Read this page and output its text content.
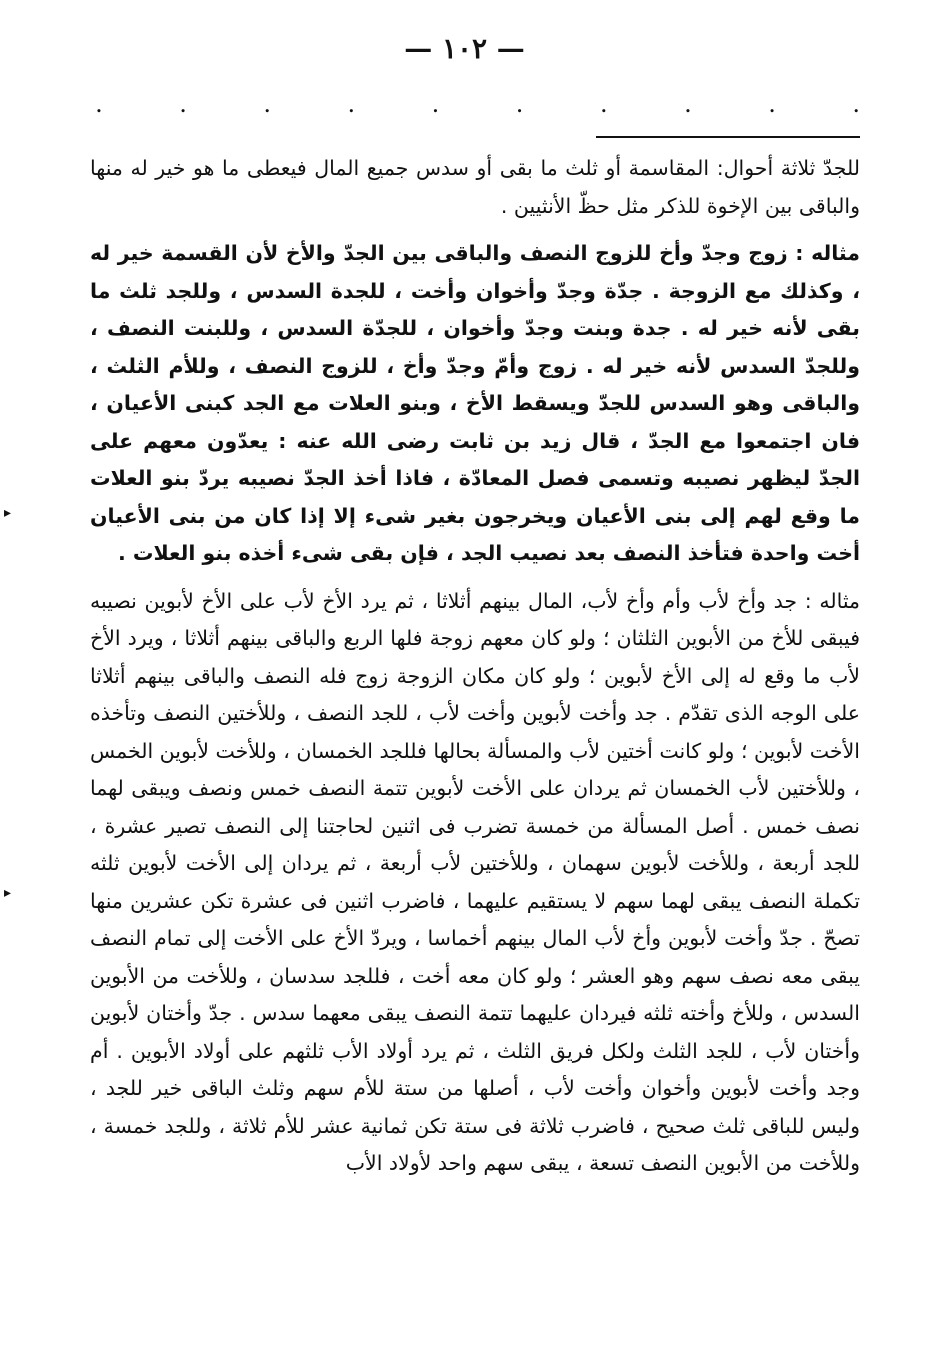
— ١٠٢ —
.
.
.
.
.
.
.
.
.
.

للجدّ ثلاثة أحوال: المقاسمة أو ثلث ما بقى أو سدس جميع المال فيعطى ما هو خير له منها والباقى بين الإخوة للذكر مثل حظّ الأنثيين .

مثاله : زوج وجدّ وأخ للزوج النصف والباقى بين الجدّ والأخ لأن القسمة خير له ، وكذلك مع الزوجة . جدّة وجدّ وأخوان وأخت ، للجدة السدس ، وللجد ثلث ما بقى لأنه خير له . جدة وبنت وجدّ وأخوان ، للجدّة السدس ، وللبنت النصف ، وللجدّ السدس لأنه خير له . زوج وأمّ وجدّ وأخ ، للزوج النصف ، وللأم الثلث ، والباقى وهو السدس للجدّ ويسقط الأخ ، وبنو العلات مع الجد كبنى الأعيان ، فان اجتمعوا مع الجدّ ، قال زيد بن ثابت رضى الله عنه : يعدّون معهم على الجدّ ليظهر نصيبه وتسمى فصل المعادّة ، فاذا أخذ الجدّ نصيبه يردّ بنو العلات ما وقع لهم إلى بنى الأعيان ويخرجون بغير شىء إلا إذا كان من بنى الأعيان أخت واحدة فتأخذ النصف بعد نصيب الجد ، فإن بقى شىء أخذه بنو العلات .

مثاله : جد وأخ لأب وأم وأخ لأب، المال بينهم أثلاثا ، ثم يرد الأخ لأب على الأخ لأبوين نصيبه فيبقى للأخ من الأبوين الثلثان ؛ ولو كان معهم زوجة فلها الربع والباقى بينهم أثلاثا ، ويرد الأخ لأب ما وقع له إلى الأخ لأبوين ؛ ولو كان مكان الزوجة زوج فله النصف والباقى بينهم أثلاثا على الوجه الذى تقدّم . جد وأخت لأبوين وأخت لأب ، للجد النصف ، وللأختين النصف وتأخذه الأخت لأبوين ؛ ولو كانت أختين لأب والمسألة بحالها فللجد الخمسان ، وللأخت لأبوين الخمس ، وللأختين لأب الخمسان ثم يردان على الأخت لأبوين تتمة النصف خمس ونصف ويبقى لهما نصف خمس . أصل المسألة من خمسة تضرب فى اثنين لحاجتنا إلى النصف تصير عشرة ، للجد أربعة ، وللأخت لأبوين سهمان ، وللأختين لأب أربعة ، ثم يردان إلى الأخت لأبوين ثلثه تكملة النصف يبقى لهما سهم لا يستقيم عليهما ، فاضرب اثنين فى عشرة تكن عشرين منها تصحّ . جدّ وأخت لأبوين وأخ لأب المال بينهم أخماسا ، ويردّ الأخ على الأخت إلى تمام النصف يبقى معه نصف سهم وهو العشر ؛ ولو كان معه أخت ، فللجد سدسان ، وللأخت من الأبوين السدس ، وللأخ وأخته ثلثه فيردان عليهما تتمة النصف يبقى معهما سدس . جدّ وأختان لأبوين وأختان لأب ، للجد الثلث ولكل فريق الثلث ، ثم يرد أولاد الأب ثلثهم على أولاد الأبوين . أم وجد وأخت لأبوين وأخوان وأخت لأب ، أصلها من ستة للأم سهم وثلث الباقى خير للجد ، وليس للباقى ثلث صحيح ، فاضرب ثلاثة فى ستة تكن ثمانية عشر للأم ثلاثة ، وللجد خمسة ، وللأخت من الأبوين النصف تسعة ، يبقى سهم واحد لأولاد الأب

▸
▸
